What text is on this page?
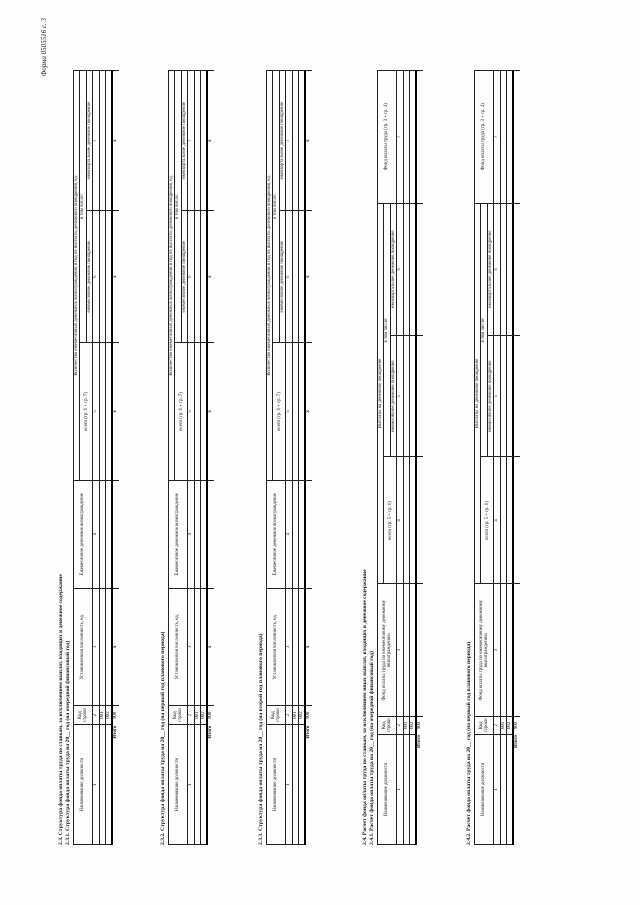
Форма 0505516 с. 3
2.3. Структура фонда оплаты труда по ставкам, за исключением выплат, входящих в денежное содержание 2.3.1. Структура фонда оплаты труда на 20__ год (на очередной финансовый год) Наименование должности	Код строки	Установленная численность, ед.	Ежемесячное денежное вознаграждение	Количество ежемесячных денежных вознаграждений в год на выплаты денежного поощрения, ед.		
				всего (гр. 6 + гр. 7)	в том числе:	
					ежемесячное денежное поощрение	ежеквартальное денежное поощрение
1	2	3	4	5	6	7
	001					
	002					
Итого	900	x		x	x	x
2.3.2. Структура фонда оплаты труда на 20__ год (на первый год планового периода) Наименование должности	Код строки	Установленная численность, ед.	Ежемесячное денежное вознаграждение	Количество ежемесячных денежных вознаграждений в год на выплаты денежного поощрения, ед.		
				всего (гр. 6 + гр. 7)	в том числе:	
					ежемесячное денежное поощрение	ежеквартальное денежное поощрение
1	2	3	4	5	6	7
	001					
	002					
Итого	900	x		x	x	x
2.3.3. Структура фонда оплаты труда на 20__ год (на второй год планового периода) Наименование должности	Код строки	Установленная численность, ед.	Ежемесячное денежное вознаграждение	Количество ежемесячных денежных вознаграждений в год на выплаты денежного поощрения, ед.		
				всего (гр. 6 + гр. 7)	в том числе:	
					ежемесячное денежное поощрение	ежеквартальное денежное поощрение
1	2	3	4	5	6	7
	001					
	002					
Итого	900	x		x	x	x
2.4. Расчет фонда оплаты труда по ставкам, за исключением иных выплат, входящих в денежное содержание 2.4.1. Расчет фонда оплаты труда на 20__ год (на очередной финансовый год) Наименование должности	Код строки	Фонд оплаты труда по ежемесячному денежному вознаграждению	Выплаты на денежное поощрение			Фонд оплаты труда (гр. 3 + гр. 4)
			всего (гр. 5 + гр. 6)	в том числе:		
				ежемесячное денежное поощрение	ежеквартальное денежное поощрение	
1	2	3	4	5	6	7
	001					
	002					
Итого	900						2.4.2. Расчет фонда оплаты труда на 20__ год (на первый год планового периода) Наименование должности	Код строки	Фонд оплаты труда по ежемесячному денежному вознаграждению	Выплаты на денежное поощрение			Фонд оплаты труда (гр. 3 + гр. 4)
			всего (гр. 5 + гр. 6)	в том числе:		
				ежемесячное денежное поощрение	ежеквартальное денежное поощрение	
1	2	3	4	5	6	7
	001					
	002					
Итого	900					
